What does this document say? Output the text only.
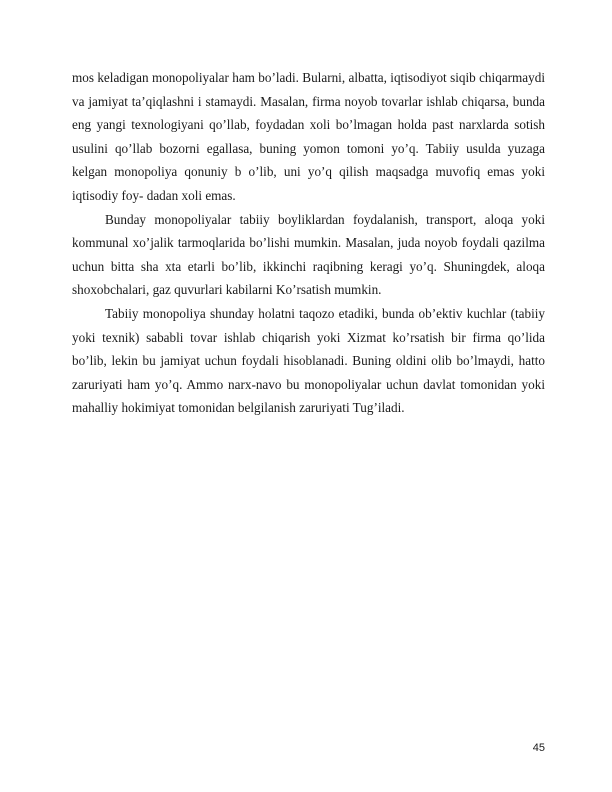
mos keladigan monopoliyalar ham bo’ladi. Bularni, albatta, iqtisodiyot siqib chiqarmaydi va jamiyat ta’qiqlashni i stamaydi. Masalan, firma noyob tovarlar ishlab chiqarsa, bunda eng yangi texnologiyani qo’llab, foydadan xoli bo’lmagan holda past narxlarda sotish usulini qo’llab bozorni egallasa, buning yomon tomoni yo’q. Tabiiy usulda yuzaga kelgan monopoliya qonuniy b o’lib, uni yo’q qilish maqsadga muvofiq emas yoki iqtisodiy foy- dadan xoli emas.

Bunday monopoliyalar tabiiy boyliklardan foydalanish, transport, aloqa yoki kommunal xo’jalik tarmoqlarida bo’lishi mumkin. Masalan, juda noyob foydali qazilma uchun bitta sha xta etarli bo’lib, ikkinchi raqibning keragi yo’q. Shuningdek, aloqa shoxobchalari, gaz quvurlari kabilarni Ko’rsatish mumkin.

Tabiiy monopoliya shunday holatni taqozo etadiki, bunda ob’ektiv kuchlar (tabiiy yoki texnik) sababli tovar ishlab chiqarish yoki Xizmat ko’rsatish bir firma qo’lida bo’lib, lekin bu jamiyat uchun foydali hisoblanadi. Buning oldini olib bo’lmaydi, hatto zaruriyati ham yo’q. Ammo narx-navo bu monopoliyalar uchun davlat tomonidan yoki mahalliy hokimiyat tomonidan belgilanish zaruriyati Tug’iladi.

45
